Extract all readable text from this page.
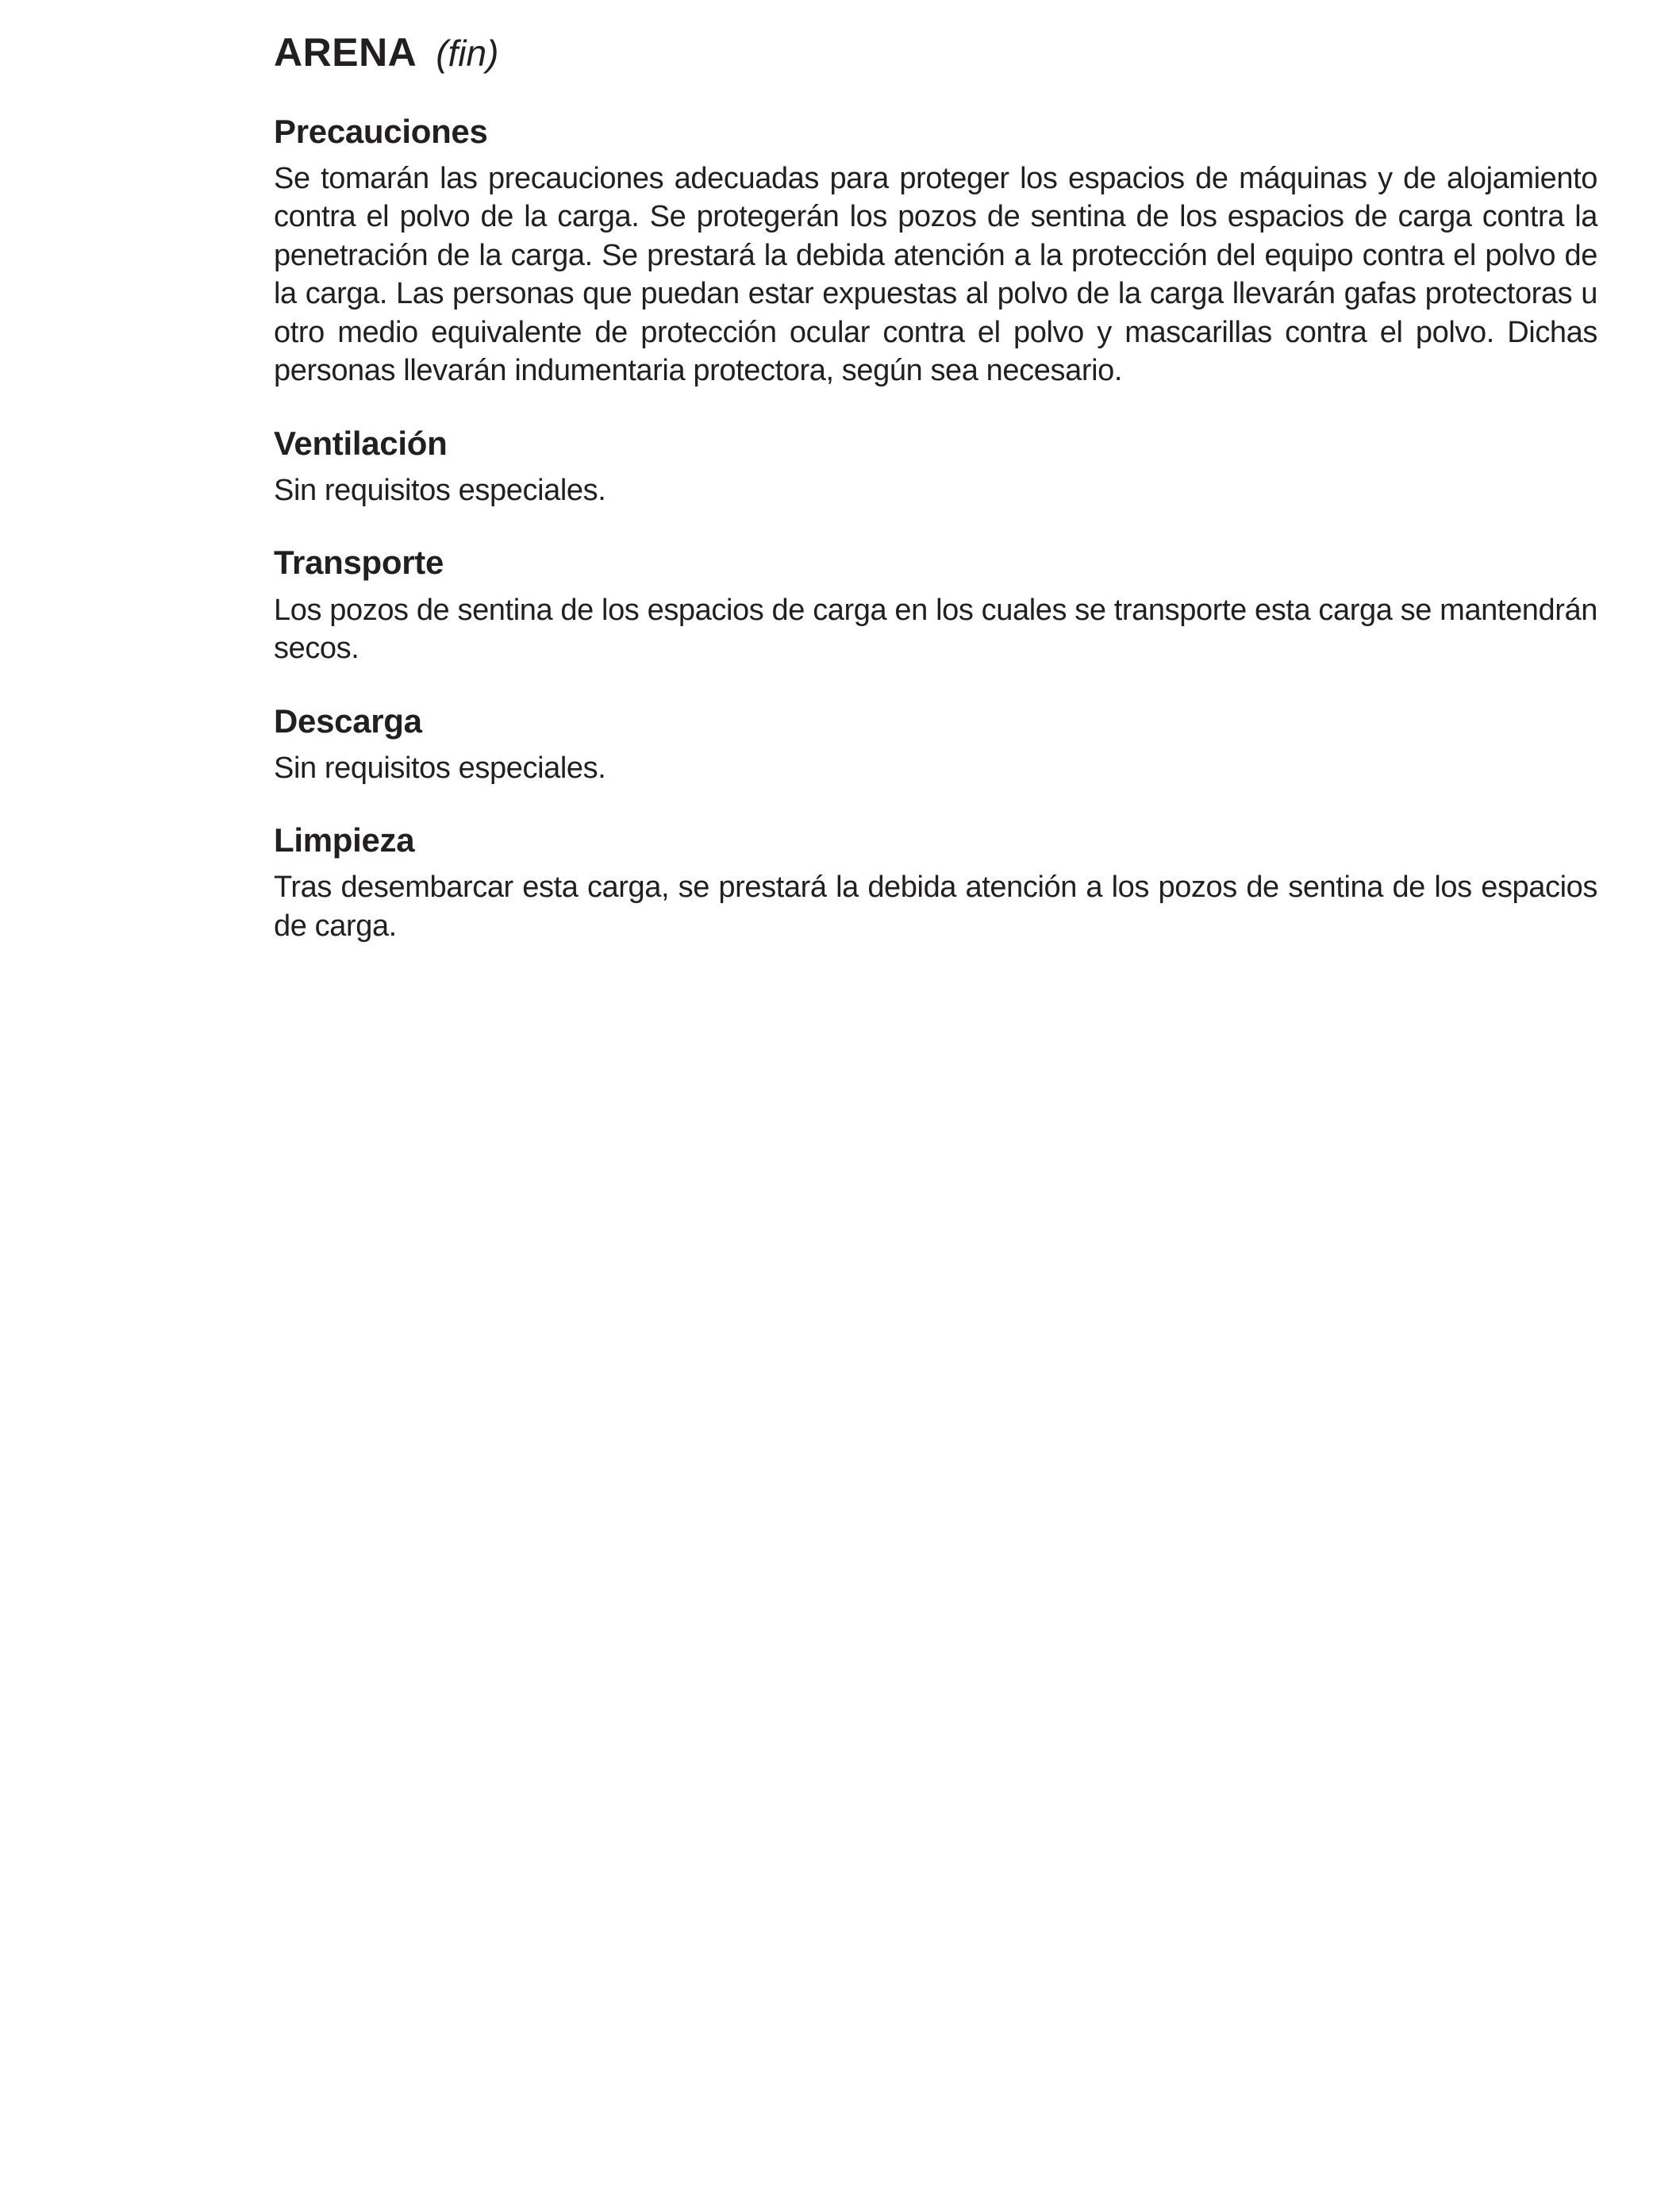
ARENA (fin)
Precauciones

Se tomarán las precauciones adecuadas para proteger los espacios de máquinas y de alojamiento contra el polvo de la carga. Se protegerán los pozos de sentina de los espacios de carga contra la penetración de la carga. Se prestará la debida atención a la protección del equipo contra el polvo de la carga. Las personas que puedan estar expuestas al polvo de la carga llevarán gafas protectoras u otro medio equivalente de protección ocular contra el polvo y mascarillas contra el polvo. Dichas personas llevarán indumentaria protectora, según sea necesario.

Ventilación

Sin requisitos especiales.

Transporte

Los pozos de sentina de los espacios de carga en los cuales se transporte esta carga se mantendrán secos.

Descarga

Sin requisitos especiales.

Limpieza

Tras desembarcar esta carga, se prestará la debida atención a los pozos de sentina de los espacios de carga.
